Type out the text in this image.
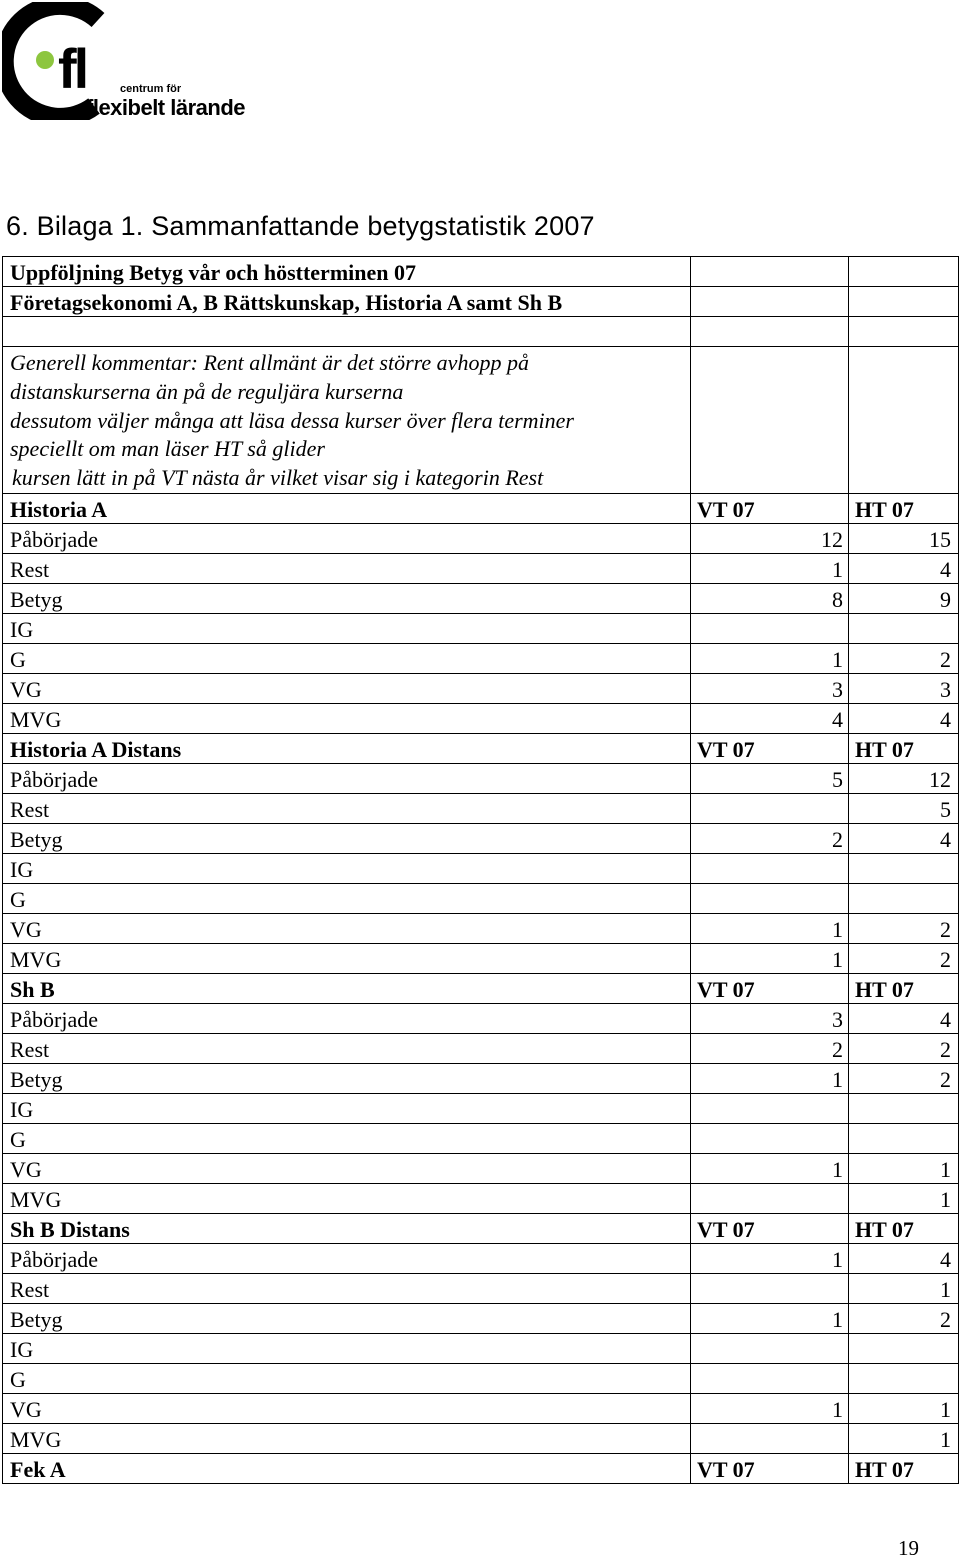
fl	centrum för
flexibelt lärande
6. Bilaga 1. Sammanfattande betygstatistik 2007
Uppföljning Betyg vår och höstterminen 07		
Företagsekonomi A, B Rättskunskap, Historia A samt Sh B		

Generell kommentar: Rent allmänt är det större avhopp på
distanskurserna än på de reguljära kurserna
dessutom väljer många att läsa dessa kurser över flera terminer
speciellt om man läser HT så glider
kursen lätt in på VT nästa år vilket visar sig i kategorin Rest		

Historia A	VT 07	HT 07
Påbörjade	12	15
Rest	1	4
Betyg	8	9
IG		
G	1	2
VG	3	3
MVG	4	4
Historia A Distans	VT 07	HT 07
Påbörjade	5	12
Rest		5
Betyg	2	4
IG		
G		
VG	1	2
MVG	1	2
Sh B	VT 07	HT 07
Påbörjade	3	4
Rest	2	2
Betyg	1	2
IG		
G		
VG	1	1
MVG		1
Sh B Distans	VT 07	HT 07
Påbörjade	1	4
Rest		1
Betyg	1	2
IG		
G		
VG	1	1
MVG		1
Fek A	VT 07	HT 07
19
